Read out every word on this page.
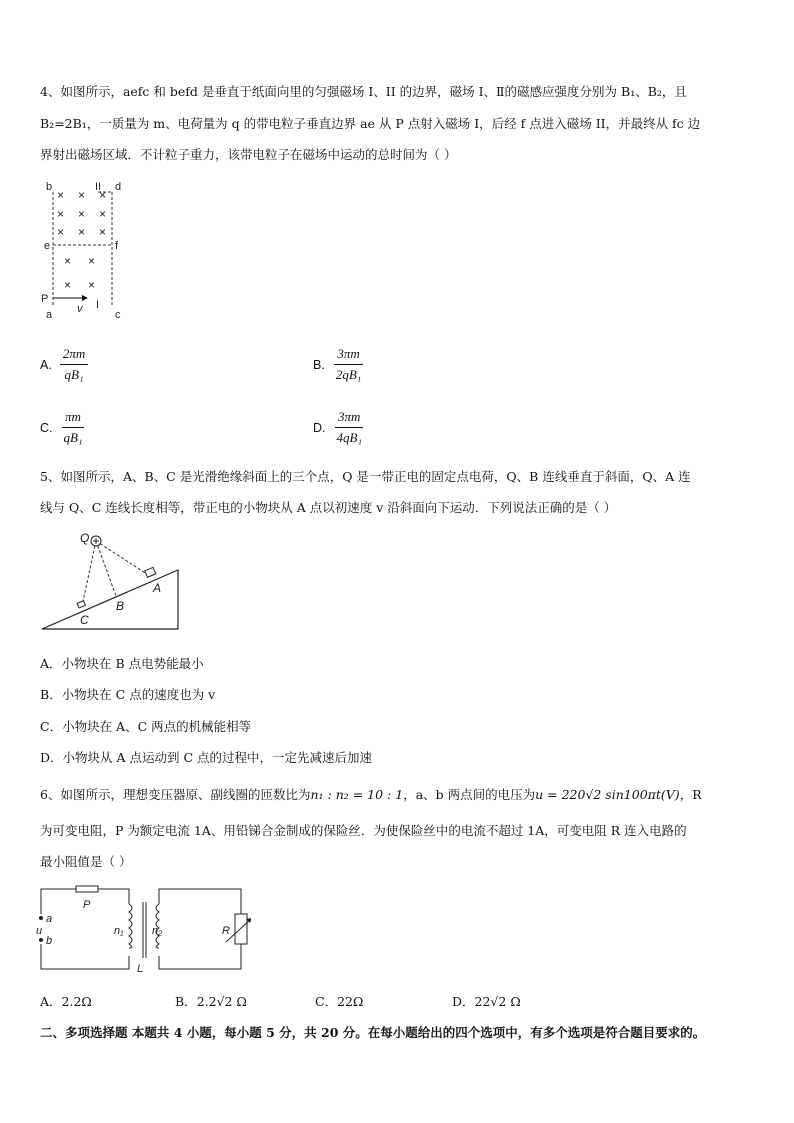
4、如图所示，aefc 和 befd 是垂直于纸面向里的匀强磁场 I、II 的边界，磁场 I、Ⅱ的磁感应强度分别为 B₁、B₂，且
B₂=2B₁，一质量为 m、电荷量为 q 的带电粒子垂直边界 ae 从 P 点射入磁场 I，后经 f 点进入磁场 II，并最终从 fc 边
界射出磁场区域．不计粒子重力，该带电粒子在磁场中运动的总时间为（ ）
b	II d
e	f
P
v I
a	c
× × ×
× × ×
× × ×
× ×
× ×
A. $\frac{2\pi m}{\text{qB₁}}$	B. $\frac{3\pi m}{\text{2qB₁}}$
C. $\frac{\pi m}{\text{qB₁}}$	D. $\frac{3\pi m}{\text{4qB₁}}$
5、如图所示，A、B、C 是光滑绝缘斜面上的三个点，Q 是一带正电的固定点电荷，Q、B 连线垂直于斜面，Q、A 连
线与 Q、C 连线长度相等，带正电的小物块从 A 点以初速度 v 沿斜面向下运动．下列说法正确的是（ ）
Q
A
B
C
A．小物块在 B 点电势能最小
B．小物块在 C 点的速度也为 v
C．小物块在 A、C 两点的机械能相等
D．小物块从 A 点运动到 C 点的过程中，一定先减速后加速
6、如图所示，理想变压器原、副线圈的匝数比为n₁ : n₂ = 10 : 1，a、b 两点间的电压为u = 220√2 sin100πt(V)，R
为可变电阻，P 为额定电流 1A、用铅锑合金制成的保险丝．为使保险丝中的电流不超过 1A，可变电阻 R 连入电路的
最小阻值是（ ）
P
a
u
b
n₁	n₂	R
L
A． 2.2Ω	B． 2.2√2 Ω	C． 22Ω	D． 22√2 Ω
二、多项选择题 本题共 4 小题，每小题 5 分，共 20 分。在每小题给出的四个选项中，有多个选项是符合题目要求的。
